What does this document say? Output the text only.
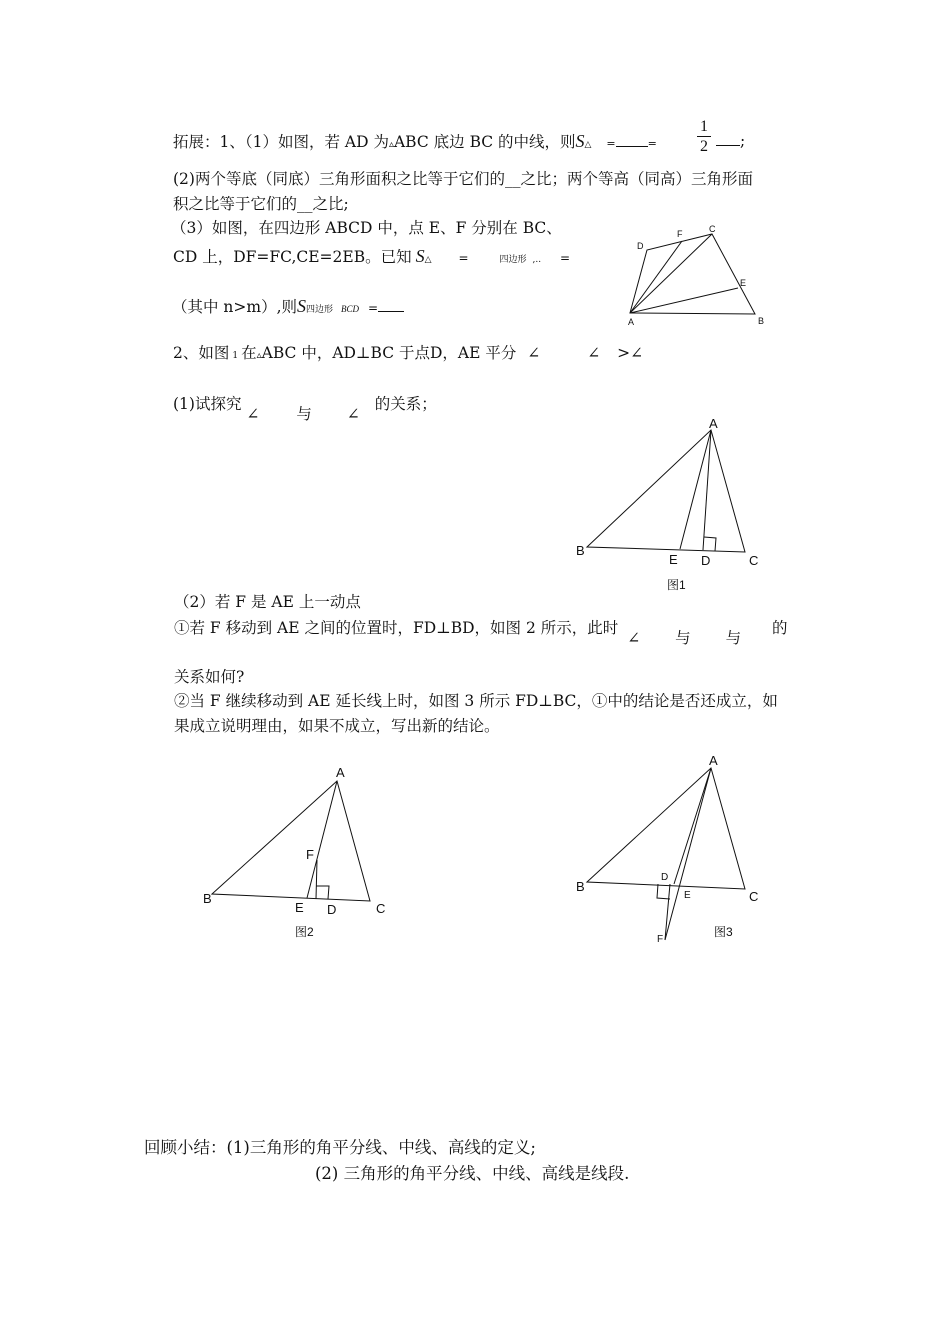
拓展：1、（1）如图，若 AD 为▵ABC 底边 BC 的中线，则S△ =	=
1
2	;
(2)两个等底（同底）三角形面积之比等于它们的__之比；两个等高（同高）三角形面
积之比等于它们的__之比;
（3）如图，在四边形 ABCD 中，点 E、F 分别在 BC、
CD 上，DF=FC,CE=2EB。已知 S△ =	四边形 ,.. =
（其中 n>m）,则S四边形 BCD =
A	B
C
D
E
F
2、如图 1 在▵ABC 中，AD⊥BC 于点D，AE 平分 ∠	∠ >∠
(1)试探究 ∠ 与 ∠ 的关系；
A
B
C
D
E
图1
（2）若 F 是 AE 上一动点
①若 F 移动到 AE 之间的位置时，FD⊥BD，如图 2 所示，此时 ∠ 与 与 的
关系如何?
②当 F 继续移动到 AE 延长线上时，如图 3 所示 FD⊥BC，①中的结论是否还成立，如
果成立说明理由，如果不成立，写出新的结论。
A
B
C
D
E
F
图2
A
B
C
D
E
F
图3
回顾小结：(1)三角形的角平分线、中线、高线的定义;
(2) 三角形的角平分线、中线、高线是线段.
